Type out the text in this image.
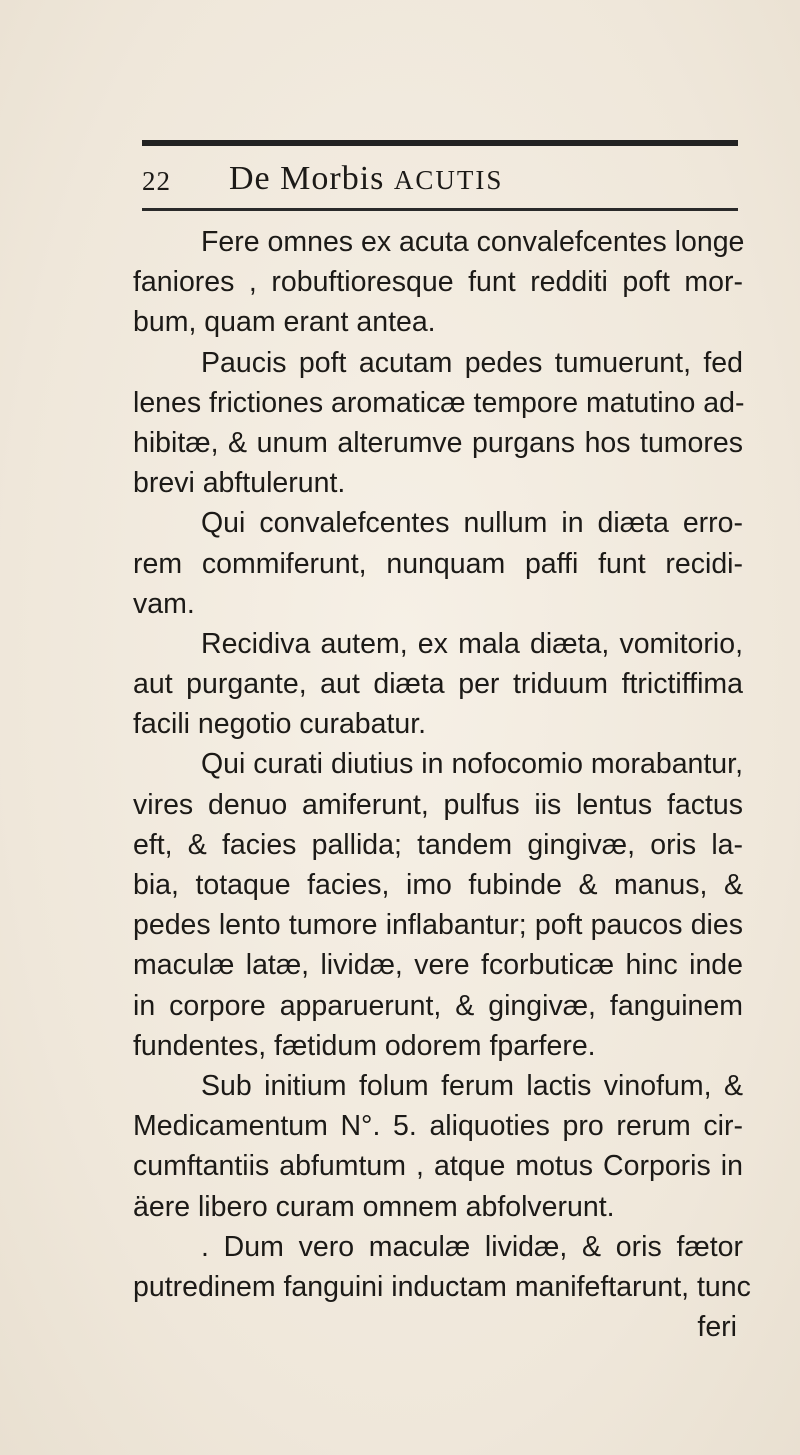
22 De Morbis ACUTIS
Fere omnes ex acuta convalefcentes longe
faniores , robuftioresque funt redditi poft mor-
bum, quam erant antea.
Paucis poft acutam pedes tumuerunt, fed
lenes frictiones aromaticæ tempore matutino ad-
hibitæ, & unum alterumve purgans hos tumores
brevi abftulerunt.
Qui convalefcentes nullum in diæta erro-
rem commiferunt, nunquam paffi funt recidi-
vam.
Recidiva autem, ex mala diæta, vomitorio,
aut purgante, aut diæta per triduum ftrictiffima
facili negotio curabatur.
Qui curati diutius in nofocomio morabantur,
vires denuo amiferunt, pulfus iis lentus factus
eft, & facies pallida; tandem gingivæ, oris la-
bia, totaque facies, imo fubinde & manus, &
pedes lento tumore inflabantur; poft paucos dies
maculæ latæ, lividæ, vere fcorbuticæ hinc inde
in corpore apparuerunt, & gingivæ, fanguinem
fundentes, fætidum odorem fparfere.
Sub initium folum ferum lactis vinofum, &
Medicamentum N°. 5. aliquoties pro rerum cir-
cumftantiis abfumtum , atque motus Corporis in
äere libero curam omnem abfolverunt.
. Dum vero maculæ lividæ, & oris fætor
putredinem fanguini inductam manifeftarunt, tunc
feri
